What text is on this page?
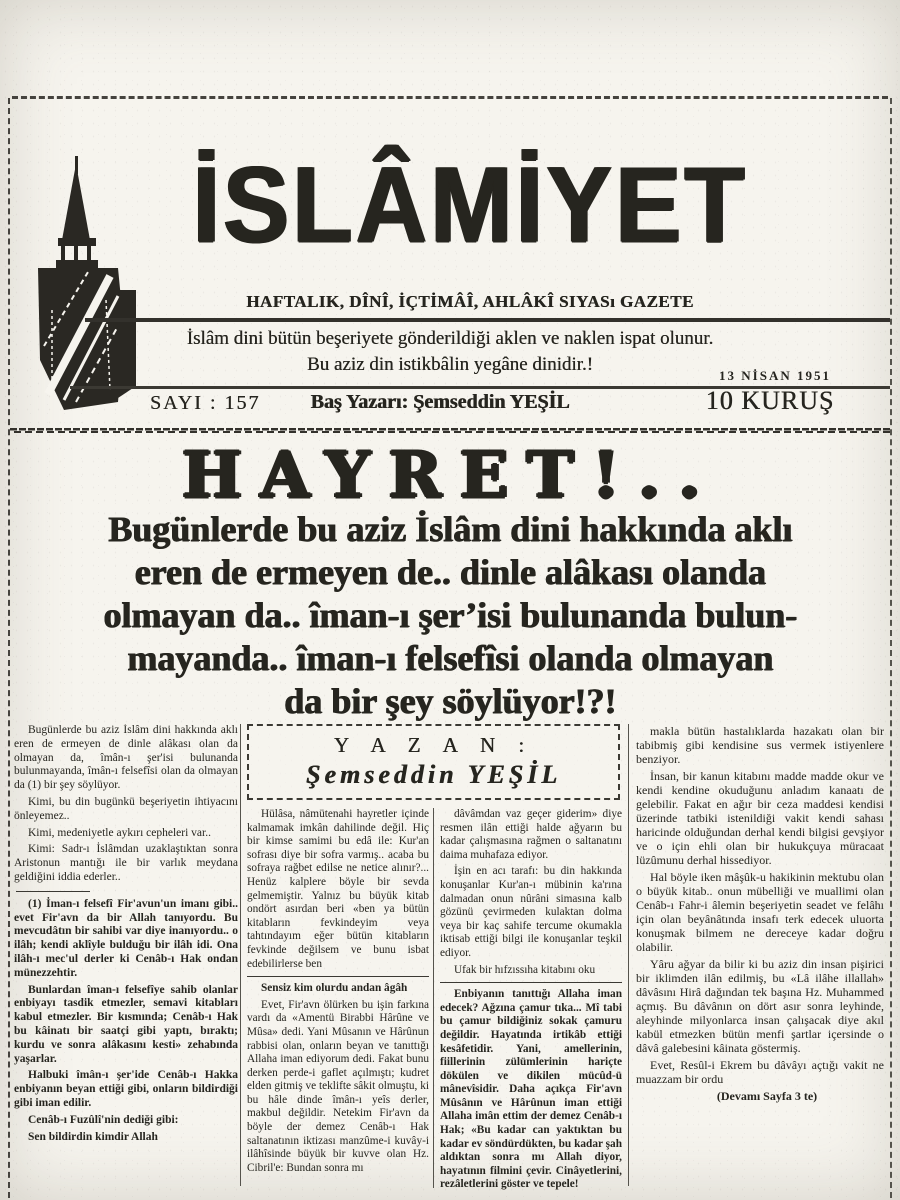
İSLÂMİYET
HAFTALIK, DÎNÎ, İÇTİMÂÎ, AHLÂKÎ SIYASı GAZETE
İslâm dini bütün beşeriyete gönderildiği aklen ve naklen ispat olunur.
Bu aziz din istikbâlin yegâne dinidir.!
SAYI : 157	Baş Yazarı: Şemseddin YEŞİL
13 NİSAN 1951
10 KURUŞ
HAYRET!..
Bugünlerde bu aziz İslâm dini hakkında aklı
eren de ermeyen de.. dinle alâkası olanda
olmayan da.. îman-ı şer’isi bulunanda bulun-
mayanda.. îman-ı felsefîsi olanda olmayan
da bir şey söylüyor!?!
Y A Z A N :
Şemseddin YEŞİL

Bugünlerde bu aziz İslâm dini hakkında aklı eren de ermeyen de dinle alâkası olan da olmayan da, îmân-ı şer'isi bulunanda bulunmayanda, îmân-ı felsefîsi olan da olmayan da (1) bir şey söylüyor.

Kimi, bu din bugünkü beşeriyetin ihtiyacını önleyemez..

Kimi, medeniyetle aykırı cepheleri var..

Kimi: Sadr-ı İslâmdan uzaklaştıktan sonra Aristonun mantığı ile bir varlık meydana geldiğini iddia ederler..

(1) İman-ı felsefî Fir'avun'un imanı gibi.. evet Fir'avn da bir Allah tanıyordu. Bu mevcudâtın bir sahibi var diye inanıyordu.. o ilâh; kendi aklîyle bulduğu bir ilâh idi. Ona ilâh-ı mec'ul derler ki Cenâb-ı Hak ondan münezzehtir.

Bunlardan îman-ı felsefîye sahib olanlar enbiyayı tasdik etmezler, semavi kitabları kabul etmezler. Bir kısmında; Cenâb-ı Hak bu kâinatı bir saatçi gibi yaptı, bıraktı; kurdu ve sonra alâkasını kesti» zehabında yaşarlar.

Halbuki îmân-ı şer'ide Cenâb-ı Hakka enbiyanın beyan ettiği gibi, onların bildirdiği gibi iman edilir.

Cenâb-ı Fuzûlî'nin dediği gibi:

Sen bildirdin kimdir Allah

Hülâsa, nâmütenahi hayretler içinde kalmamak imkân dahilinde değil. Hiç bir kimse samimi bu edâ ile: Kur'an sofrası diye bir sofra varmış.. acaba bu sofraya rağbet edilse ne netice alınır?... Henüz kalplere böyle bir sevda gelmemiştir. Yalnız bu büyük kitab ondört asırdan beri «ben ya bütün kitabların fevkindeyim veya tahtındayım eğer bütün kitabların fevkinde değilsem ve bunu isbat edebilirlerse ben

Sensiz kim olurdu andan âgâh

Evet, Fir'avn ölürken bu işin farkına vardı da «Amentü Birabbi Hârûne ve Mûsa» dedi. Yani Mûsanın ve Hârûnun rabbisi olan, onların beyan ve tanıttığı Allaha iman ediyorum dedi. Fakat bunu derken perde-i gaflet açılmıştı; kudret elden gitmiş ve teklifte sâkit olmuştu, ki bu hâle dinde îmân-ı yeîs derler, makbul değildir. Netekim Fir'avn da böyle der demez Cenâb-ı Hak saltanatının iktizası manzûme-i kuvây-i ilâhîsinde büyük bir kuvve olan Hz. Cibril'e: Bundan sonra mı

dâvâmdan vaz geçer giderim» diye resmen ilân ettiği halde ağyarın bu kadar çalışmasına rağmen o saltanatını daima muhafaza ediyor.

İşin en acı tarafı: bu din hakkında konuşanlar Kur'an-ı mübinin ka'rına dalmadan onun nûrâni simasına kalb gözünü çevirmeden kulaktan dolma veya bir kaç sahife tercume okumakla iktisab ettiği bilgi ile konuşanlar teşkil ediyor.

Ufak bir hıfzıssıha kitabını oku

Enbiyanın tanıttığı Allaha iman edecek? Ağzına çamur tıka... Mî tabi bu çamur bildiğiniz sokak çamuru değildir. Hayatında irtikâb ettiği kesâfetidir. Yani, amellerinin, fiillerinin zülümlerinin hariçte dökülen ve dikilen mücûd-ü mânevîsidir. Daha açıkça Fir'avn Mûsânın ve Hârûnun iman ettiği Allaha imân ettim der demez Cenâb-ı Hak; «Bu kadar can yaktıktan bu kadar ev söndürdükten, bu kadar şah aldıktan sonra mı Allah diyor, hayatının filmini çevir. Cinâyetlerini, rezâletlerini göster ve tepele!

makla bütün hastalıklarda hazakatı olan bir tabibmiş gibi kendisine sus vermek istiyenlere benziyor.

İnsan, bir kanun kitabını madde madde okur ve kendi kendine okuduğunu anladım kanaatı de gelebilir. Fakat en ağır bir ceza maddesi kendisi üzerinde tatbiki istenildiği vakit kendi sahası haricinde olduğundan derhal kendi bilgisi gevşiyor ve o için ehli olan bir hukukçuya müracaat lüzûmunu derhal hissediyor.

Hal böyle iken mâşûk-u hakikinin mektubu olan o büyük kitab.. onun mübelliği ve muallimi olan Cenâb-ı Fahr-i âlemin beşeriyetin seadet ve felâhı için olan beyânâtında insafı terk edecek uluorta konuşmak bilmem ne dereceye kadar doğru olabilir.

Yâru ağyar da bilir ki bu aziz din insan pişirici bir iklimden ilân edilmiş, bu «Lâ ilâhe illallah» dâvâsını Hirâ dağından tek başına Hz. Muhammed açmış. Bu dâvânın on dört asır sonra leyhinde, aleyhinde milyonlarca insan çalışacak diye akıl kabül etmezken bütün menfi şartlar içersinde o dâvâ galebesini kâinata göstermiş.

Evet, Resûl-i Ekrem bu dâvâyı açtığı vakit ne muazzam bir ordu

(Devamı Sayfa 3 te)
